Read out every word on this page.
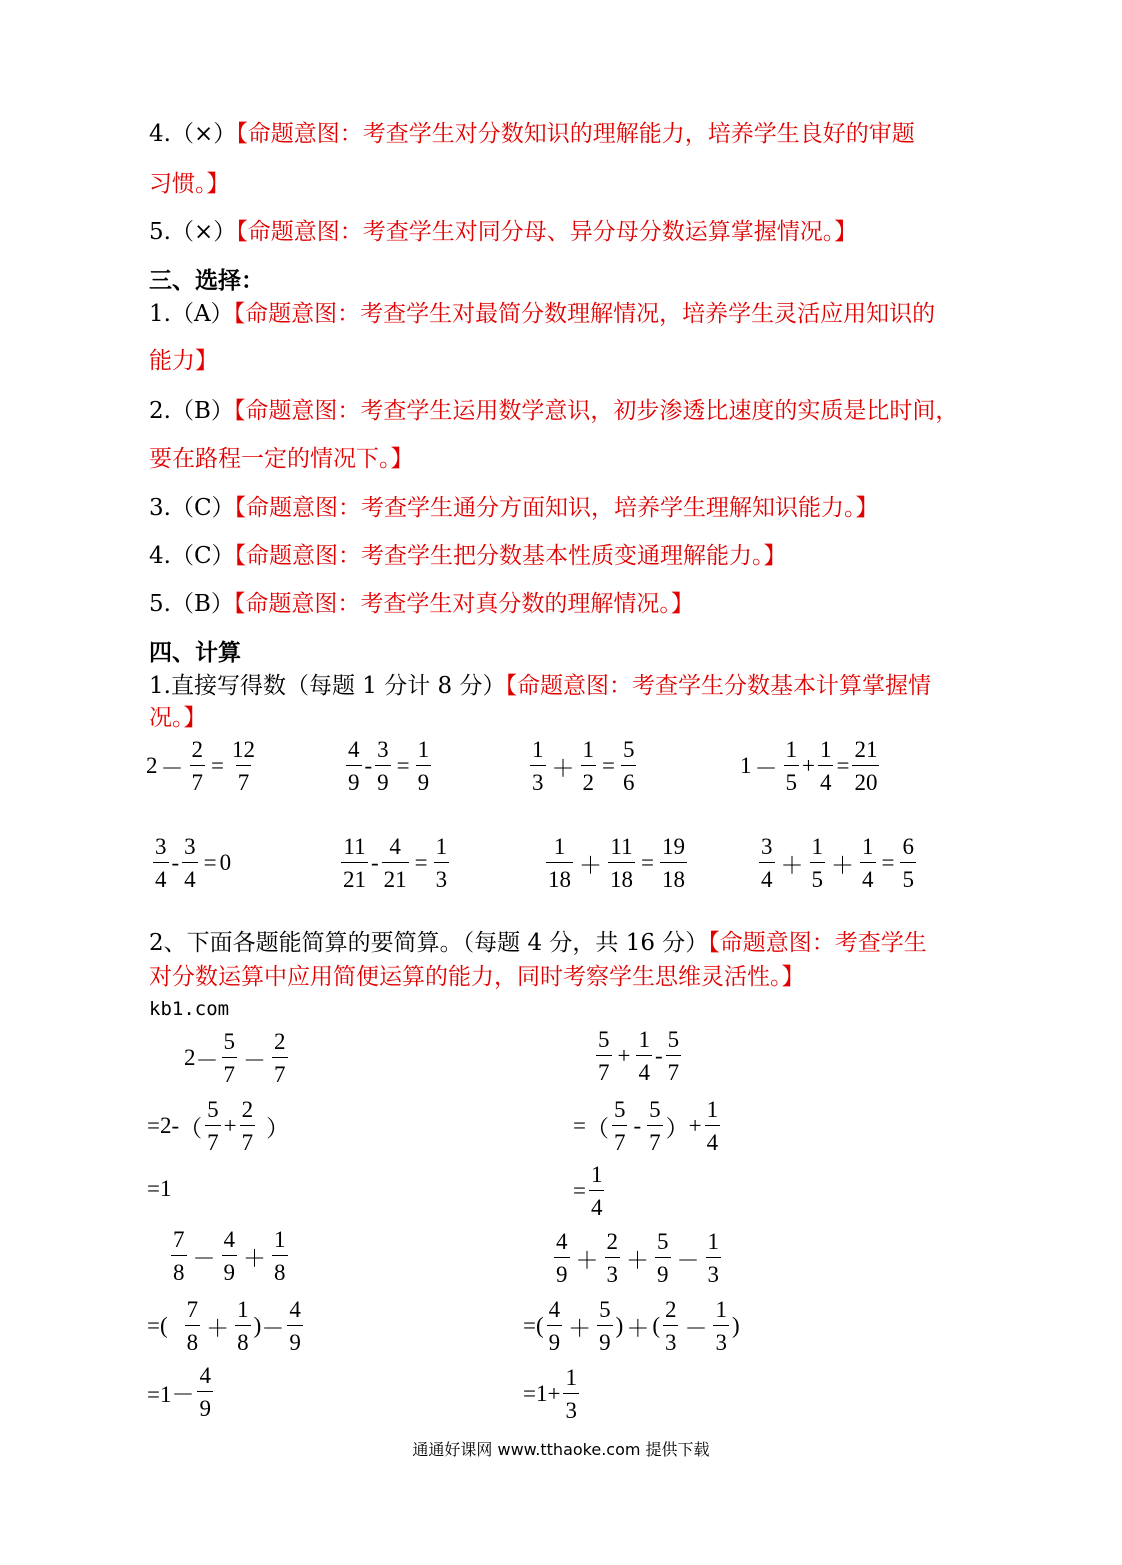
4.（×）【命题意图：考查学生对分数知识的理解能力，培养学生良好的审题
习惯。】
5.（×）【命题意图：考查学生对同分母、异分母分数运算掌握情况。】
三、选择：
1.（A）【命题意图：考查学生对最简分数理解情况，培养学生灵活应用知识的
能力】
2.（B）【命题意图：考查学生运用数学意识，初步渗透比速度的实质是比时间，
要在路程一定的情况下。】
3.（C）【命题意图：考查学生通分方面知识，培养学生理解知识能力。】
4.（C）【命题意图：考查学生把分数基本性质变通理解能力。】
5.（B）【命题意图：考查学生对真分数的理解情况。】
四、计算
1.直接写得数（每题 1 分计 8 分）【命题意图：考查学生分数基本计算掌握情
况。】
$2 - \frac{2}{7} = \frac{12}{7}$	$\frac{4}{9} - \frac{3}{9} = \frac{1}{9}$	$\frac{1}{3} + \frac{1}{2} = \frac{5}{6}$	$1 - \frac{1}{5} + \frac{1}{4} = \frac{21}{20}$
$\frac{3}{4} - \frac{3}{4} = 0$	$\frac{11}{21} - \frac{4}{21} = \frac{1}{3}$	$\frac{1}{18} + \frac{11}{18} = \frac{19}{18}$	$\frac{3}{4} + \frac{1}{5} + \frac{1}{4} = \frac{6}{5}$
2、下面各题能简算的要简算。（每题 4 分，共 16 分）【命题意图：考查学生
对分数运算中应用简便运算的能力，同时考察学生思维灵活性。】
kb1.com
$2 - \frac{5}{7} - \frac{2}{7}$
=2- （ $\frac{5}{7} + \frac{2}{7}$ ）
=1
$\frac{7}{8} - \frac{4}{9} + \frac{1}{8}$
=( $\frac{7}{8} + \frac{1}{8}$ ) － $\frac{4}{9}$
$=1- \frac{4}{9}$
$\frac{5}{7} + \frac{1}{4} - \frac{5}{7}$
= （ $\frac{5}{7} - \frac{5}{7}$ ） + $\frac{1}{4}$
= $\frac{1}{4}$
$\frac{4}{9} + \frac{2}{3} + \frac{5}{9} - \frac{1}{3}$
=( $\frac{4}{9} + \frac{5}{9}$ ) ＋ ( $\frac{2}{3} - \frac{1}{3}$ )
$=1+ \frac{1}{3}$
通通好课网 www.tthaoke.com 提供下载
